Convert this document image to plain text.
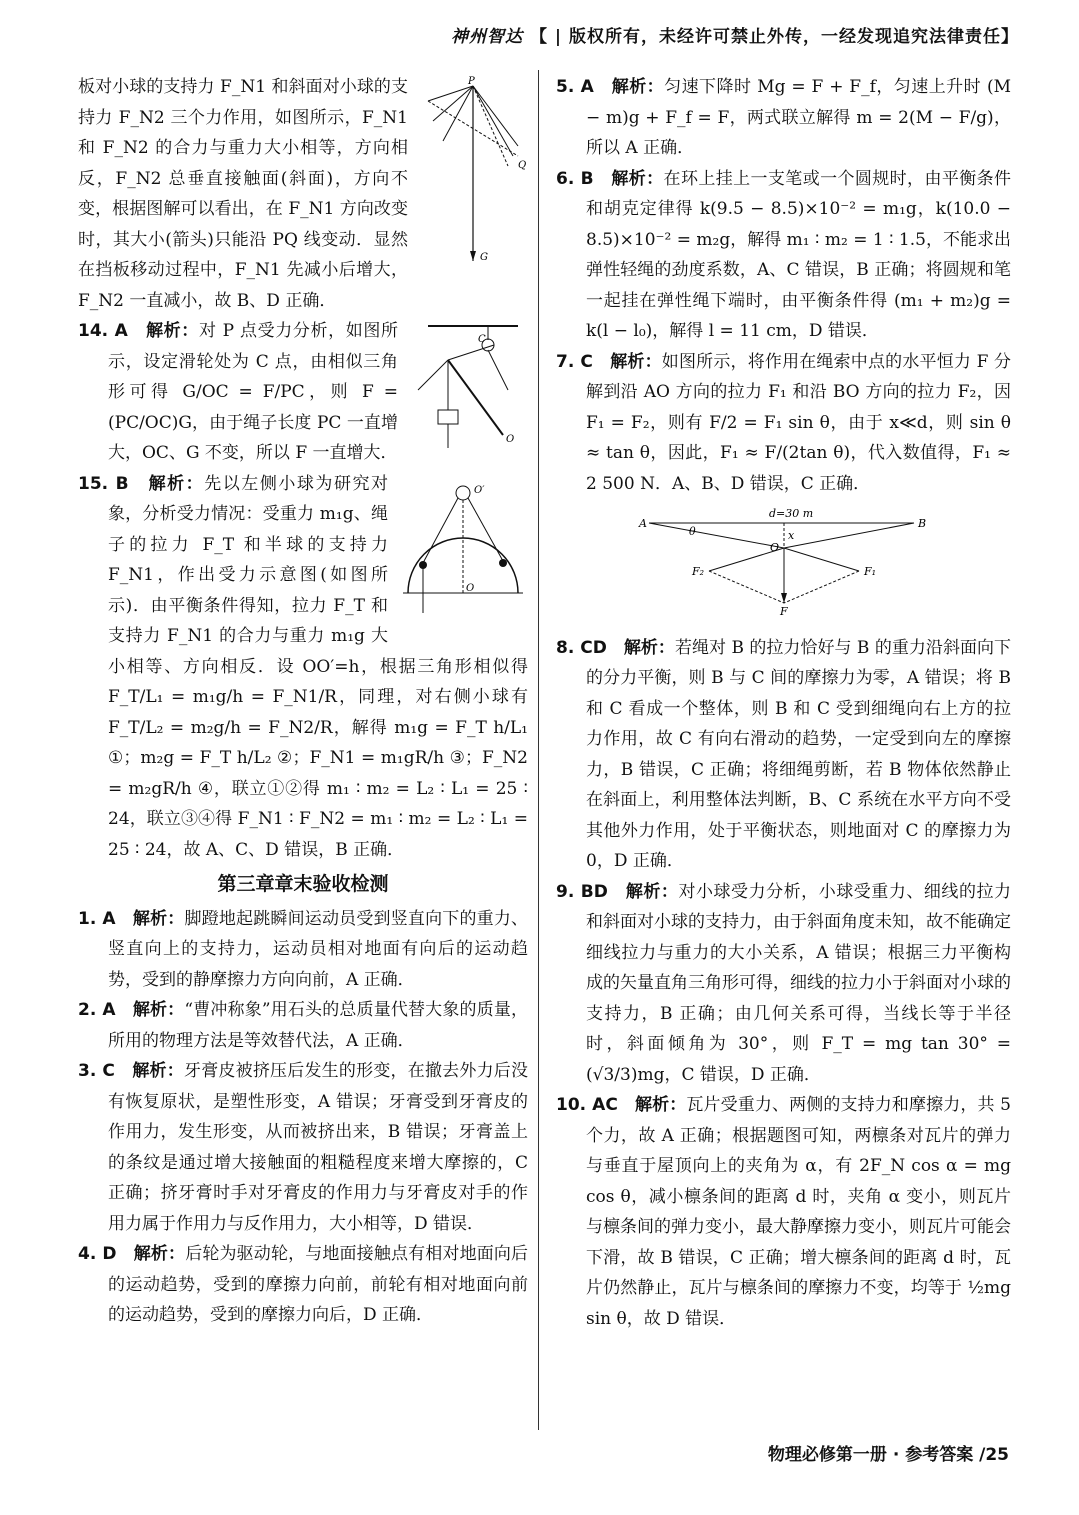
神州智达 【 | 版权所有，未经许可禁止外传，一经发现追究法律责任】
P
Q
G

板对小球的支持力 F_N1 和斜面对小球的支持力 F_N2 三个力作用，如图所示，F_N1 和 F_N2 的合力与重力大小相等，方向相反，F_N2 总垂直接触面(斜面)，方向不变，根据图解可以看出，在 F_N1 方向改变时，其大小(箭头)只能沿 PQ 线变动．显然在挡板移动过程中，F_N1 先减小后增大，F_N2 一直减小，故 B、D 正确．

O
C

14. A　 解析：对 P 点受力分析，如图所示，设定滑轮处为 C 点，由相似三角形可得 G/OC = F/PC，则 F = (PC/OC)G，由于绳子长度 PC 一直增大，OC、G 不变，所以 F 一直增大．

O
O′

15. B　 解析：先以左侧小球为研究对象，分析受力情况：受重力 m₁g、绳子的拉力 F_T 和半球的支持力 F_N1，作出受力示意图(如图所示)．由平衡条件得知，拉力 F_T 和支持力 F_N1 的合力与重力 m₁g 大小相等、方向相反．设 OO′=h，根据三角形相似得 F_T/L₁ = m₁g/h = F_N1/R，同理，对右侧小球有 F_T/L₂ = m₂g/h = F_N2/R，解得 m₁g = F_T h/L₁ ①；m₂g = F_T h/L₂ ②；F_N1 = m₁gR/h ③；F_N2 = m₂gR/h ④，联立①②得 m₁ ∶ m₂ = L₂ ∶ L₁ = 25 ∶ 24，联立③④得 F_N1 ∶ F_N2 = m₁ ∶ m₂ = L₂ ∶ L₁ = 25 ∶ 24，故 A、C、D 错误，B 正确．

第三章章末验收检测

1. A　 解析：脚蹬地起跳瞬间运动员受到竖直向下的重力、竖直向上的支持力，运动员相对地面有向后的运动趋势，受到的静摩擦力方向向前，A 正确．

2. A　 解析：“曹冲称象”用石头的总质量代替大象的质量，所用的物理方法是等效替代法，A 正确．

3. C　 解析：牙膏皮被挤压后发生的形变，在撤去外力后没有恢复原状，是塑性形变，A 错误；牙膏受到牙膏皮的作用力，发生形变，从而被挤出来，B 错误；牙膏盖上的条纹是通过增大接触面的粗糙程度来增大摩擦的，C 正确；挤牙膏时手对牙膏皮的作用力与牙膏皮对手的作用力属于作用力与反作用力，大小相等，D 错误．

4. D　 解析：后轮为驱动轮，与地面接触点有相对地面向后的运动趋势，受到的摩擦力向前，前轮有相对地面向前的运动趋势，受到的摩擦力向后，D 正确．

5. A　 解析：匀速下降时 Mg = F + F_f，匀速上升时 (M − m)g + F_f = F，两式联立解得 m = 2(M − F/g)，所以 A 正确．

6. B　 解析：在环上挂上一支笔或一个圆规时，由平衡条件和胡克定律得 k(9.5 − 8.5)×10⁻² = m₁g，k(10.0 − 8.5)×10⁻² = m₂g，解得 m₁ ∶ m₂ = 1 ∶ 1.5，不能求出弹性轻绳的劲度系数，A、C 错误，B 正确；将圆规和笔一起挂在弹性绳下端时，由平衡条件得 (m₁ + m₂)g = k(l − l₀)，解得 l = 11 cm，D 错误．

7. C　 解析：如图所示，将作用在绳索中点的水平恒力 F 分解到沿 AO 方向的拉力 F₁ 和沿 BO 方向的拉力 F₂，因 F₁ = F₂，则有 F/2 = F₁ sin θ，由于 x≪d，则 sin θ ≈ tan θ，因此，F₁ ≈ F/(2tan θ)，代入数值得，F₁ ≈ 2 500 N．A、B、D 错误，C 正确．

d=30 m
A	B
O
x
θ
F₁
F₂
F

8. CD　 解析：若绳对 B 的拉力恰好与 B 的重力沿斜面向下的分力平衡，则 B 与 C 间的摩擦力为零，A 错误；将 B 和 C 看成一个整体，则 B 和 C 受到细绳向右上方的拉力作用，故 C 有向右滑动的趋势，一定受到向左的摩擦力，B 错误，C 正确；将细绳剪断，若 B 物体依然静止在斜面上，利用整体法判断，B、C 系统在水平方向不受其他外力作用，处于平衡状态，则地面对 C 的摩擦力为 0，D 正确．

9. BD　 解析：对小球受力分析，小球受重力、细线的拉力和斜面对小球的支持力，由于斜面角度未知，故不能确定细线拉力与重力的大小关系，A 错误；根据三力平衡构成的矢量直角三角形可得，细线的拉力小于斜面对小球的支持力，B 正确；由几何关系可得，当线长等于半径时，斜面倾角为 30°，则 F_T = mg tan 30° = (√3/3)mg，C 错误，D 正确．

10. AC　 解析：瓦片受重力、两侧的支持力和摩擦力，共 5 个力，故 A 正确；根据题图可知，两檩条对瓦片的弹力与垂直于屋顶向上的夹角为 α，有 2F_N cos α = mg cos θ，减小檩条间的距离 d 时，夹角 α 变小，则瓦片与檩条间的弹力变小，最大静摩擦力变小，则瓦片可能会下滑，故 B 错误，C 正确；增大檩条间的距离 d 时，瓦片仍然静止，瓦片与檩条间的摩擦力不变，均等于 ½mg sin θ，故 D 错误．

物理必修第一册 · 参考答案 /25
